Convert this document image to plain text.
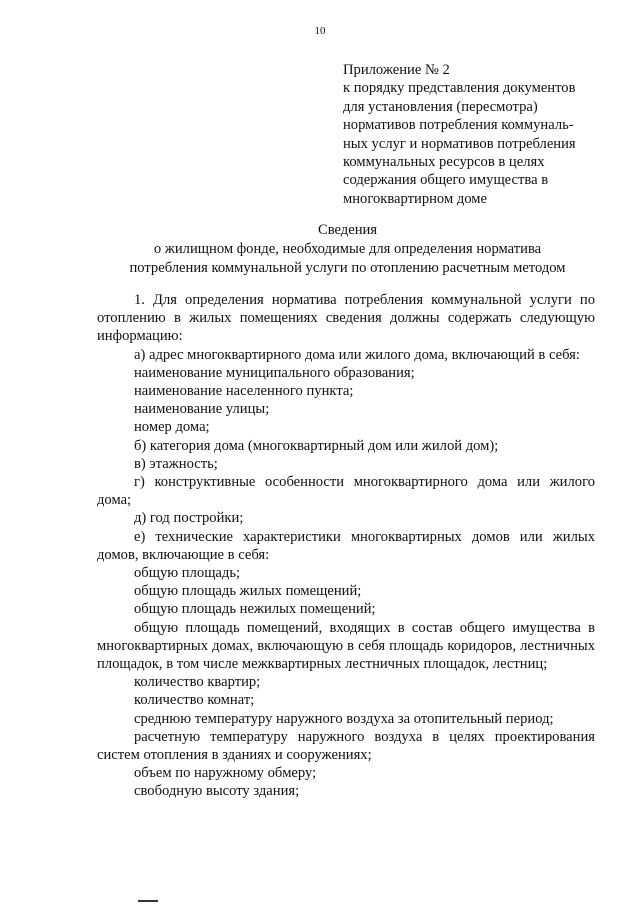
10
Приложение № 2
к порядку представления документов
для установления (пересмотра)
нормативов потребления коммуналь-
ных услуг и нормативов потребления
коммунальных ресурсов в целях
содержания общего имущества в
многоквартирном доме
Сведения
о жилищном фонде, необходимые для определения норматива
потребления коммунальной услуги по отоплению расчетным методом

1. Для определения норматива потребления коммунальной услуги по отоплению в жилых помещениях сведения должны содержать следующую информацию:

а) адрес многоквартирного дома или жилого дома, включающий в себя:

наименование муниципального образования;

наименование населенного пункта;

наименование улицы;

номер дома;

б) категория дома (многоквартирный дом или жилой дом);

в) этажность;

г) конструктивные особенности многоквартирного дома или жилого дома;

д) год постройки;

е) технические характеристики многоквартирных домов или жилых домов, включающие в себя:

общую площадь;

общую площадь жилых помещений;

общую площадь нежилых помещений;

общую площадь помещений, входящих в состав общего имущества в многоквартирных домах, включающую в себя площадь коридоров, лестничных площадок, в том числе межквартирных лестничных площадок, лестниц;

количество квартир;

количество комнат;

среднюю температуру наружного воздуха за отопительный период;

расчетную температуру наружного воздуха в целях проектирования систем отопления в зданиях и сооружениях;

объем по наружному обмеру;

свободную высоту здания;
